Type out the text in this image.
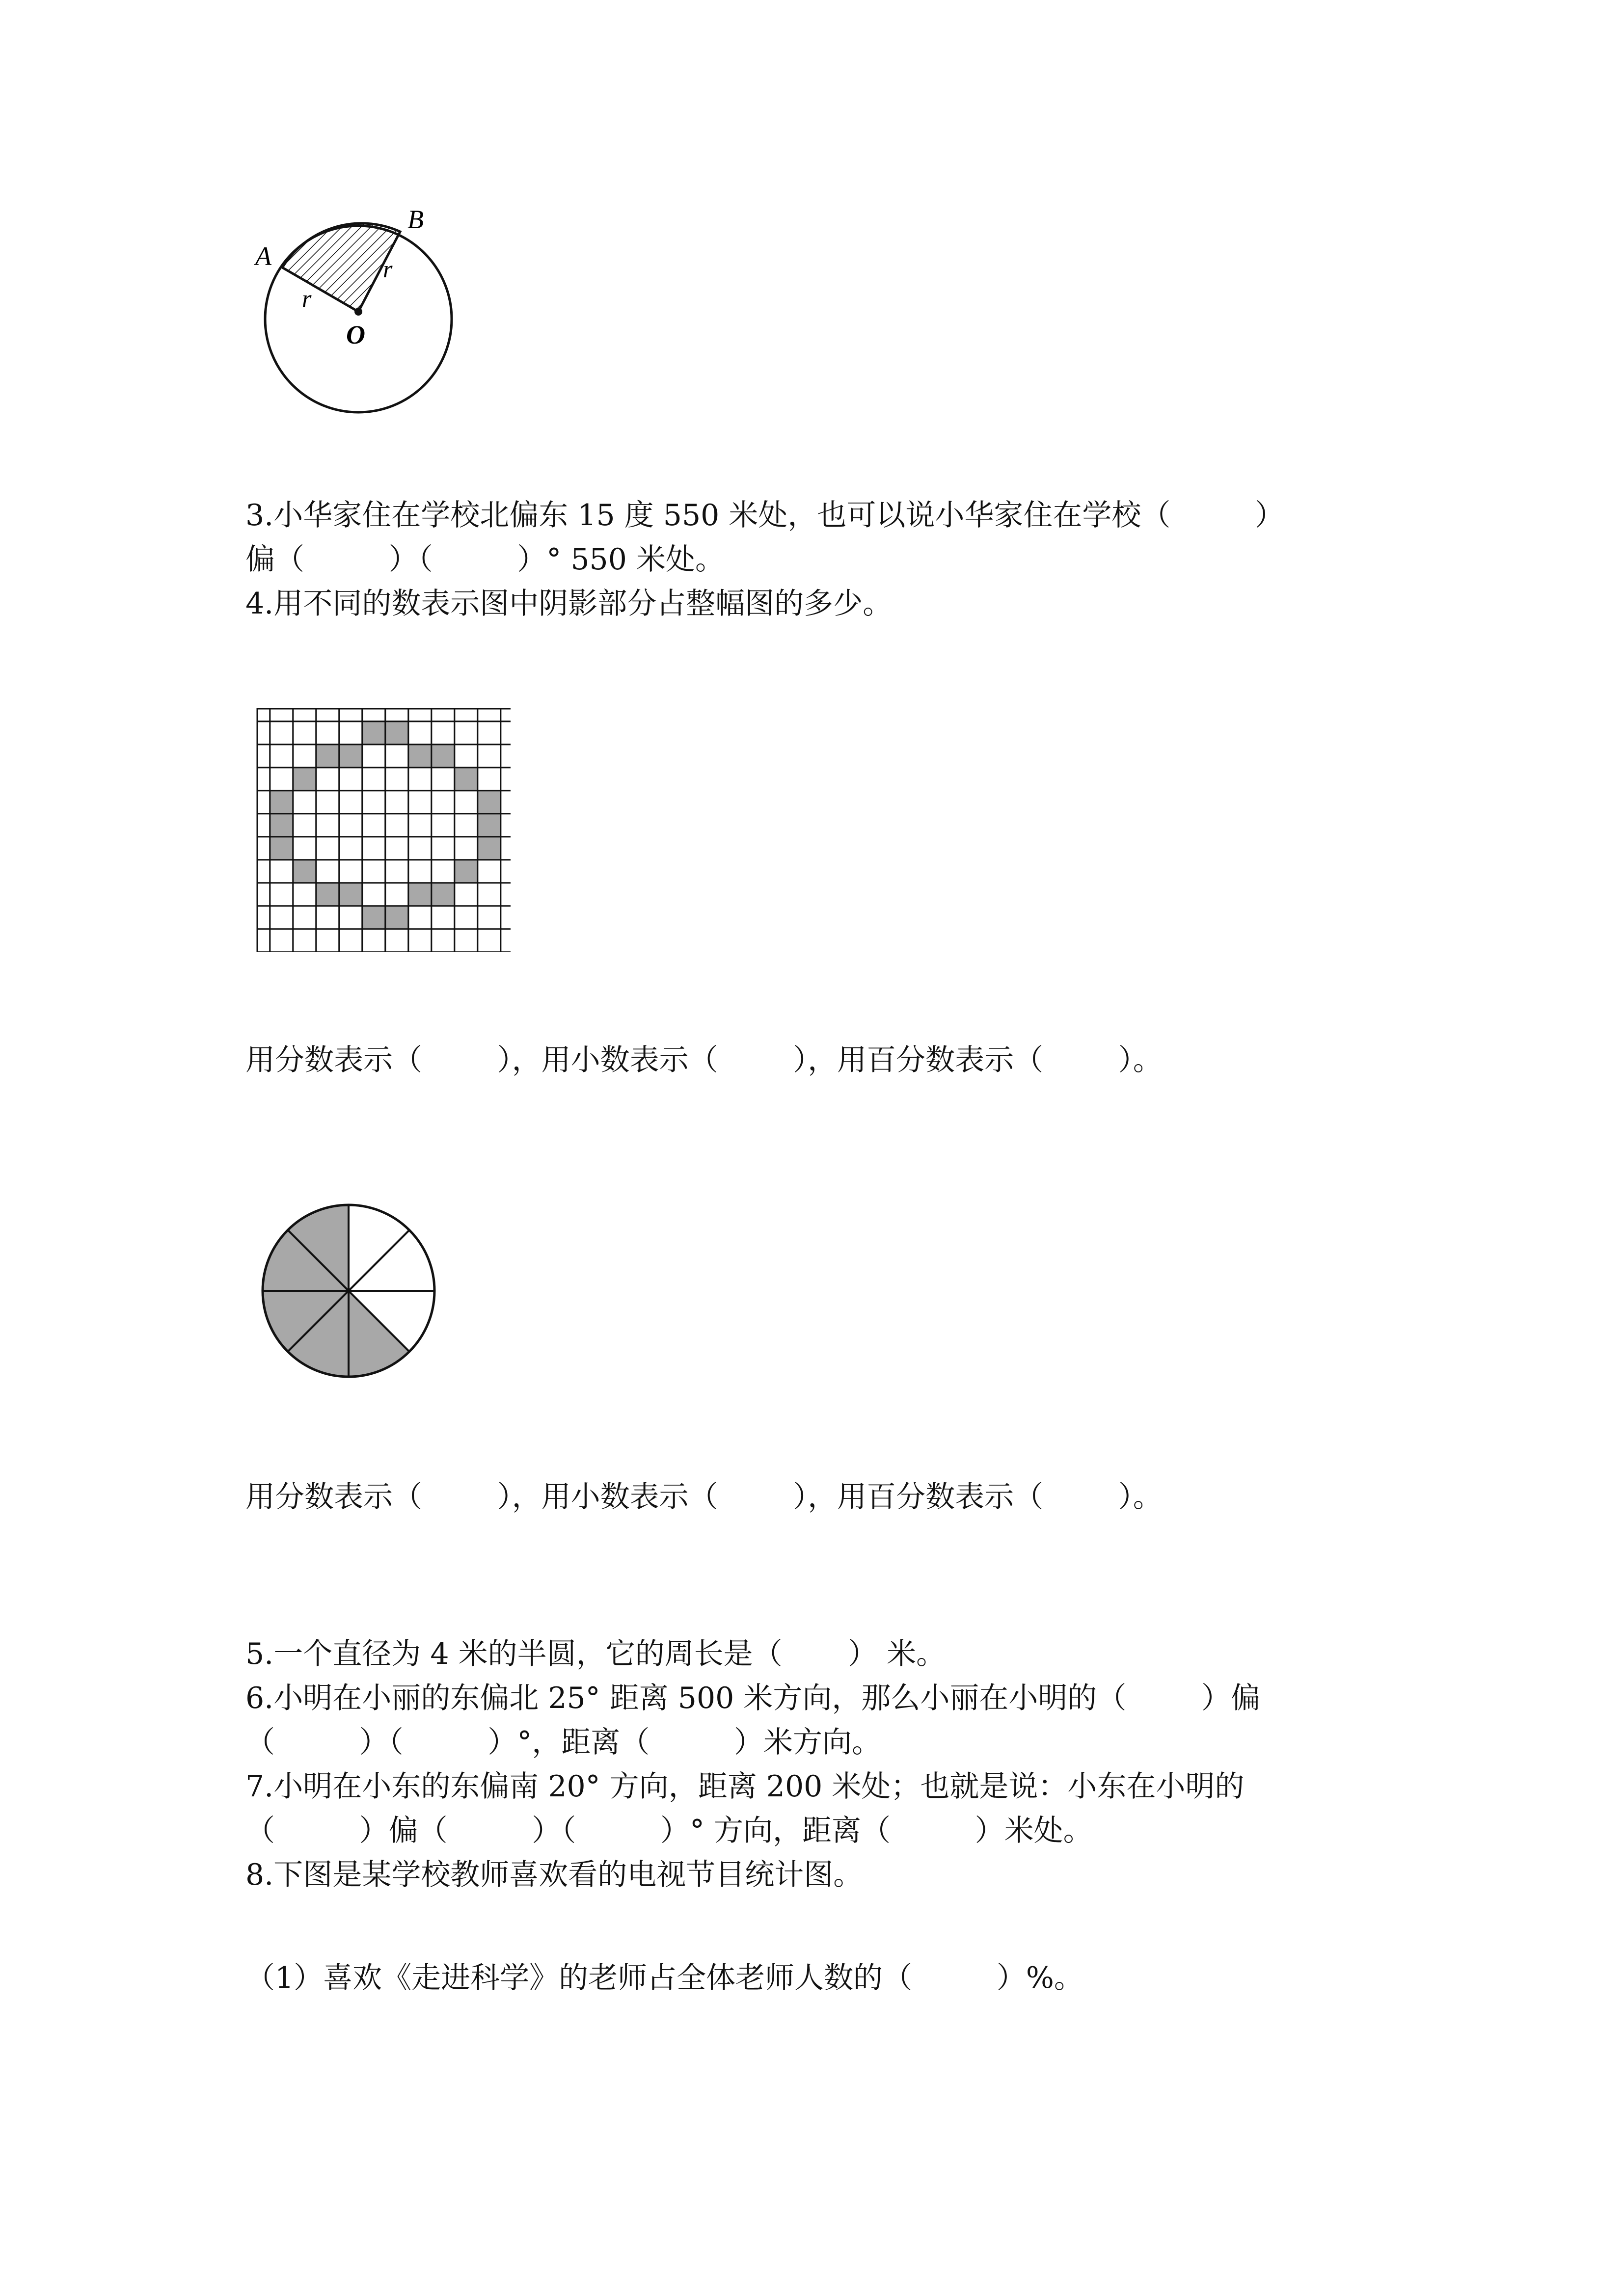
A
B
O
r
r
3.小华家住在学校北偏东 15 度 550 米处，也可以说小华家住在学校（         ）
偏（         ）（         ）° 550 米处。
4.用不同的数表示图中阴影部分占整幅图的多少。
用分数表示（        ），用小数表示（        ），用百分数表示（        ）。
用分数表示（        ），用小数表示（        ），用百分数表示（        ）。
5.一个直径为 4 米的半圆，它的周长是（       ） 米。
6.小明在小丽的东偏北 25° 距离 500 米方向，那么小丽在小明的（        ）偏
（         ）（         ）°，距离（         ）米方向。
7.小明在小东的东偏南 20° 方向，距离 200 米处；也就是说：小东在小明的
（         ）偏（         ）（         ）° 方向，距离（         ）米处。
8.下图是某学校教师喜欢看的电视节目统计图。
（1）喜欢《走进科学》的老师占全体老师人数的（         ）%。
